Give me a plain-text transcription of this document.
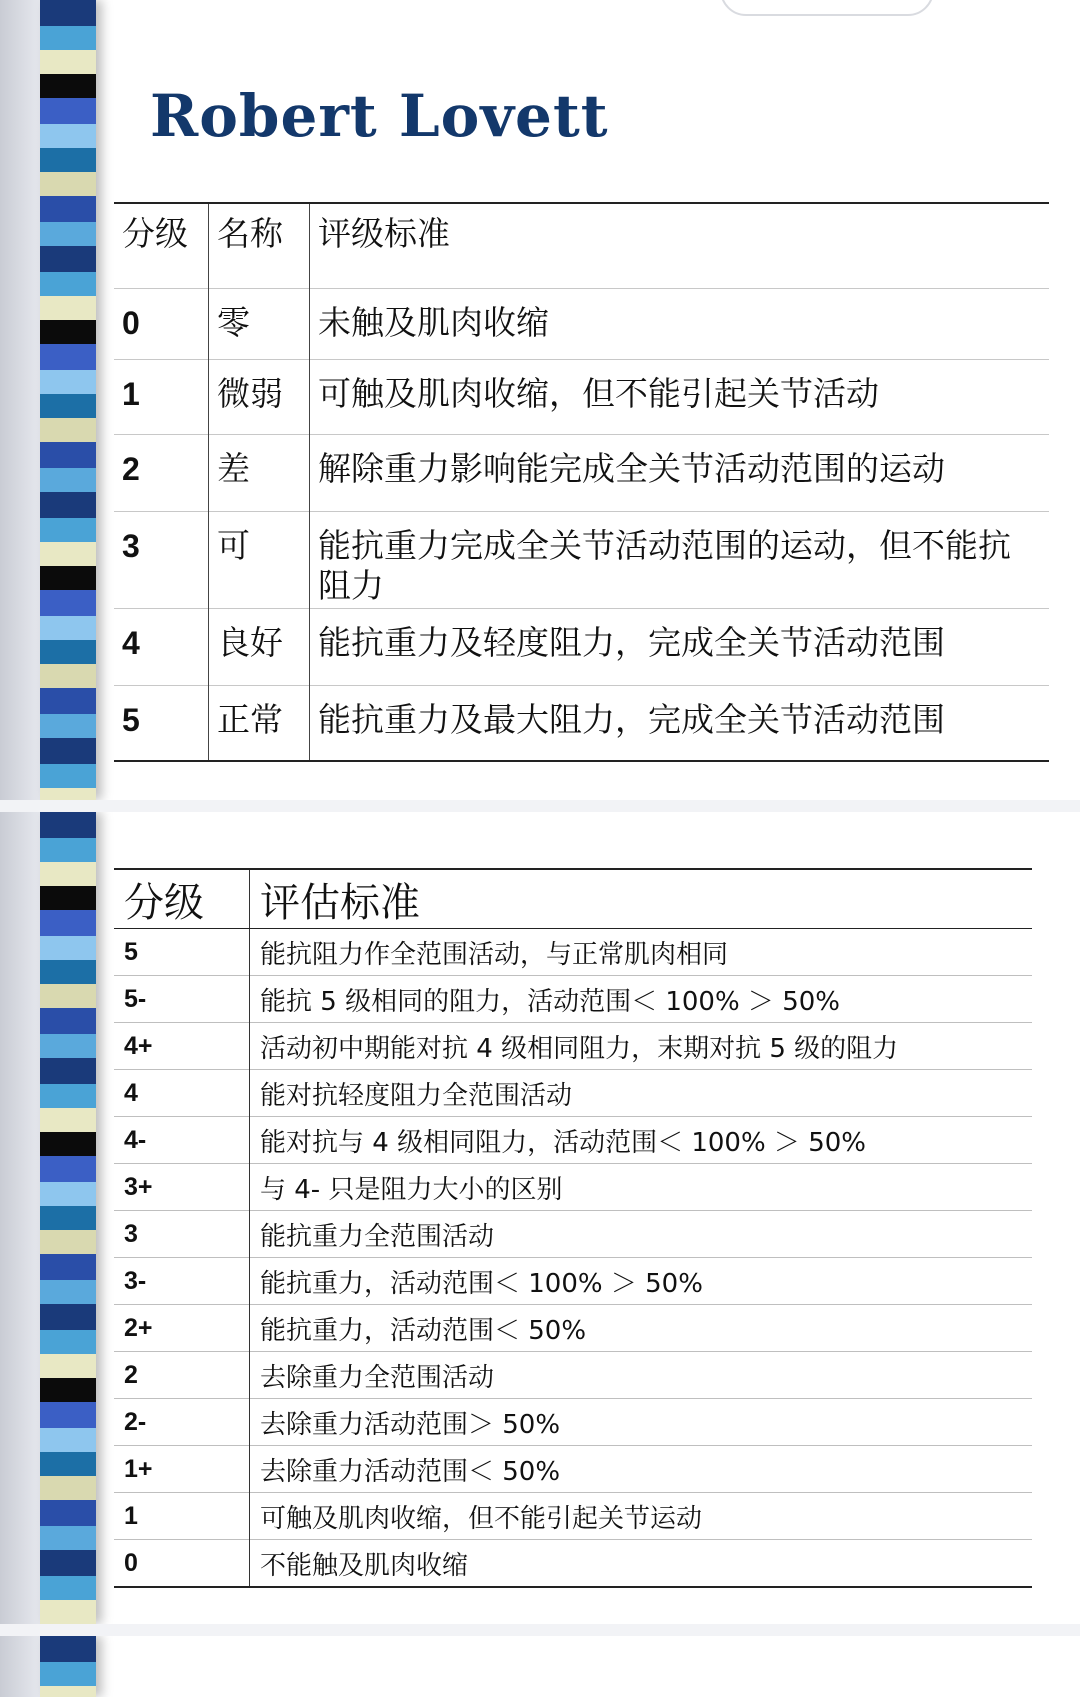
Robert Lovett
分级	名称	评级标准
0	零	未触及肌肉收缩
1	微弱	可触及肌肉收缩，但不能引起关节活动
2	差	解除重力影响能完成全关节活动范围的运动
3	可	能抗重力完成全关节活动范围的运动，但不能抗阻力
4	良好	能抗重力及轻度阻力，完成全关节活动范围
5	正常	能抗重力及最大阻力，完成全关节活动范围
分级	评估标准
5	能抗阻力作全范围活动，与正常肌肉相同
5-	能抗 5 级相同的阻力，活动范围＜ 100% ＞ 50%
4+	活动初中期能对抗 4 级相同阻力，末期对抗 5 级的阻力
4	能对抗轻度阻力全范围活动
4-	能对抗与 4 级相同阻力，活动范围＜ 100% ＞ 50%
3+	与 4- 只是阻力大小的区别
3	能抗重力全范围活动
3-	能抗重力，活动范围＜ 100% ＞ 50%
2+	能抗重力，活动范围＜ 50%
2	去除重力全范围活动
2-	去除重力活动范围＞ 50%
1+	去除重力活动范围＜ 50%
1	可触及肌肉收缩，但不能引起关节运动
0	不能触及肌肉收缩
